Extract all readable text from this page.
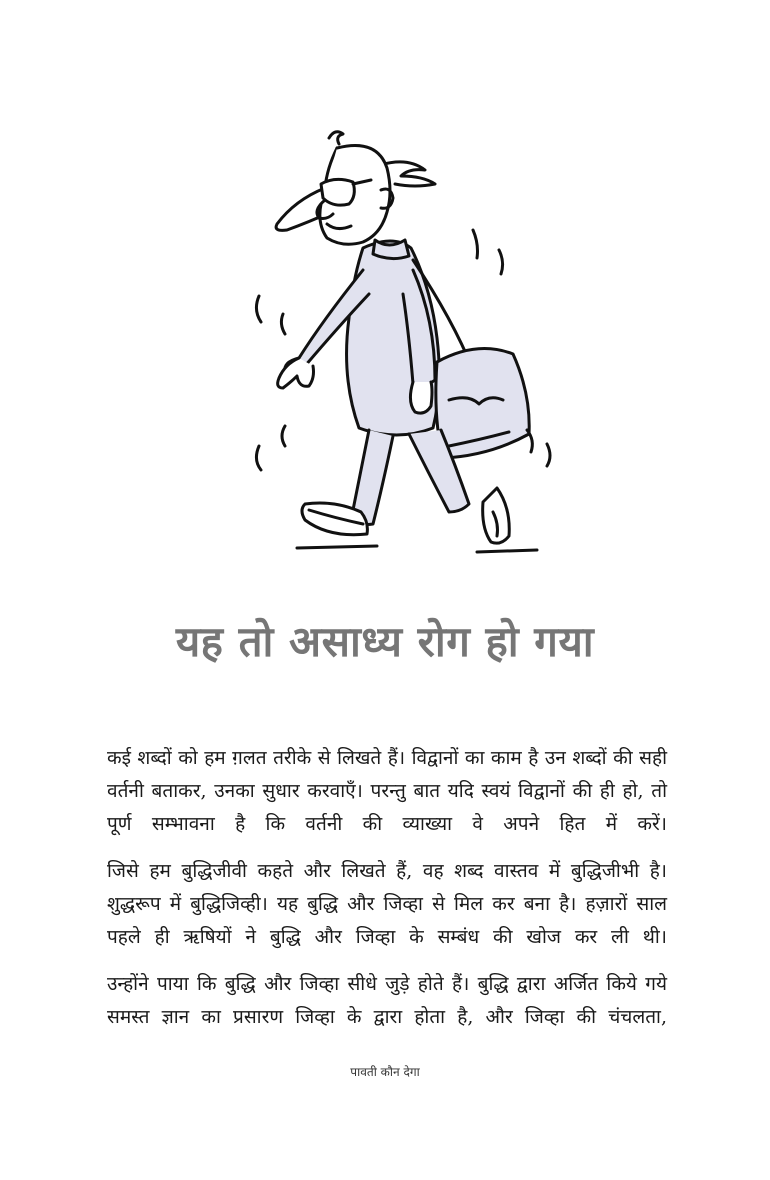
यह तो असाध्य रोग हो गया

कई शब्दों को हम ग़लत तरीके से लिखते हैं। विद्वानों का काम है उन शब्दों की सही वर्तनी बताकर, उनका सुधार करवाएँ। परन्तु बात यदि स्वयं विद्वानों की ही हो, तो पूर्ण सम्भावना है कि वर्तनी की व्याख्या वे अपने हित में करें।

जिसे हम बुद्धिजीवी कहते और लिखते हैं, वह शब्द वास्तव में बुद्धिजीभी है। शुद्धरूप में बुद्धिजिव्ही। यह बुद्धि और जिव्हा से मिल कर बना है। हज़ारों साल पहले ही ऋषियों ने बुद्धि और जिव्हा के सम्बंध की खोज कर ली थी।

उन्होंने पाया कि बुद्धि और जिव्हा सीधे जुड़े होते हैं। बुद्धि द्वारा अर्जित किये गये समस्त ज्ञान का प्रसारण जिव्हा के द्वारा होता है, और जिव्हा की चंचलता,

पावती कौन देगा
